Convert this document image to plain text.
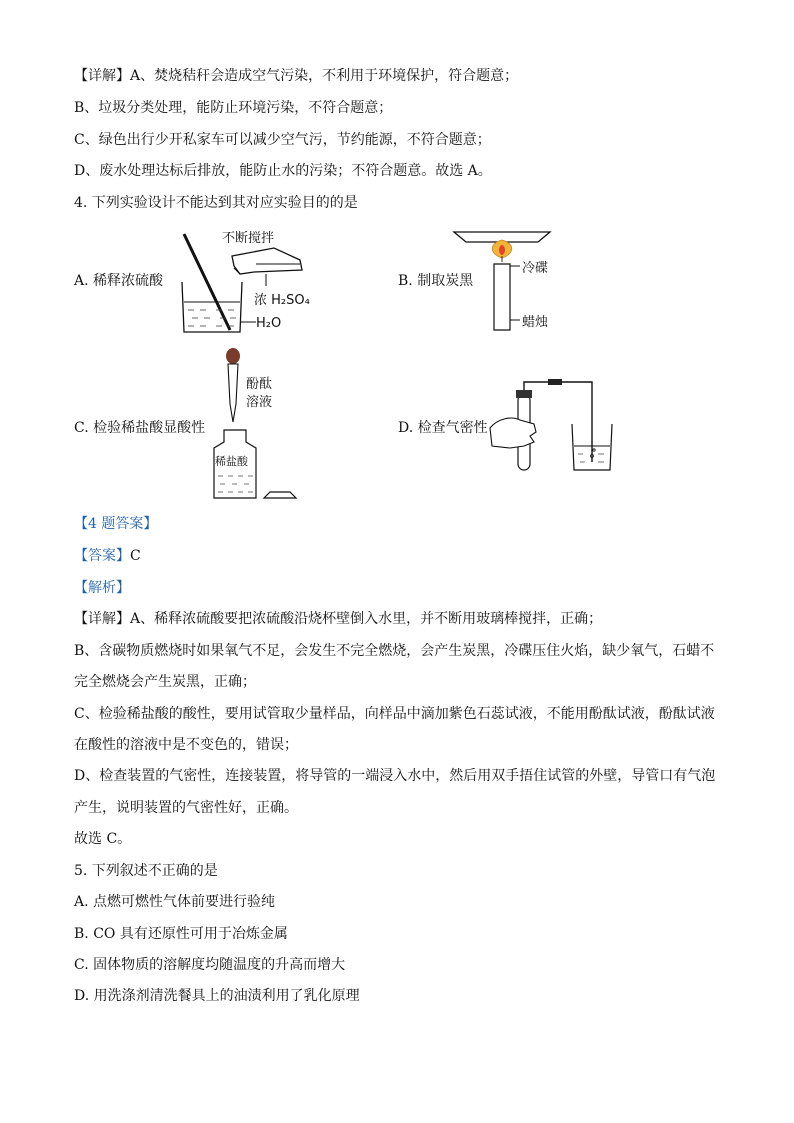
【详解】A、焚烧秸秆会造成空气污染，不利用于环境保护，符合题意；
B、垃圾分类处理，能防止环境污染，不符合题意；
C、绿色出行少开私家车可以减少空气污，节约能源，不符合题意；
D、废水处理达标后排放，能防止水的污染；不符合题意。故选 A。
4. 下列实验设计不能达到其对应实验目的的是
A. 稀释浓硫酸	B. 制取炭黑
C. 检验稀盐酸显酸性	D. 检查气密性
不断搅拌
浓 H₂SO₄
H₂O
冷碟
蜡烛
酚酞
溶液
稀盐酸
【4 题答案】
【答案】C
【解析】
【详解】A、稀释浓硫酸要把浓硫酸沿烧杯壁倒入水里，并不断用玻璃棒搅拌，正确；
B、含碳物质燃烧时如果氧气不足，会发生不完全燃烧，会产生炭黑，冷碟压住火焰，缺少氧气，石蜡不
完全燃烧会产生炭黑，正确；
C、检验稀盐酸的酸性，要用试管取少量样品，向样品中滴加紫色石蕊试液，不能用酚酞试液，酚酞试液
在酸性的溶液中是不变色的，错误；
D、检查装置的气密性，连接装置，将导管的一端浸入水中，然后用双手捂住试管的外壁，导管口有气泡
产生，说明装置的气密性好，正确。
故选 C。
5. 下列叙述不正确的是
A. 点燃可燃性气体前要进行验纯
B. CO 具有还原性可用于冶炼金属
C. 固体物质的溶解度均随温度的升高而增大
D. 用洗涤剂清洗餐具上的油渍利用了乳化原理
